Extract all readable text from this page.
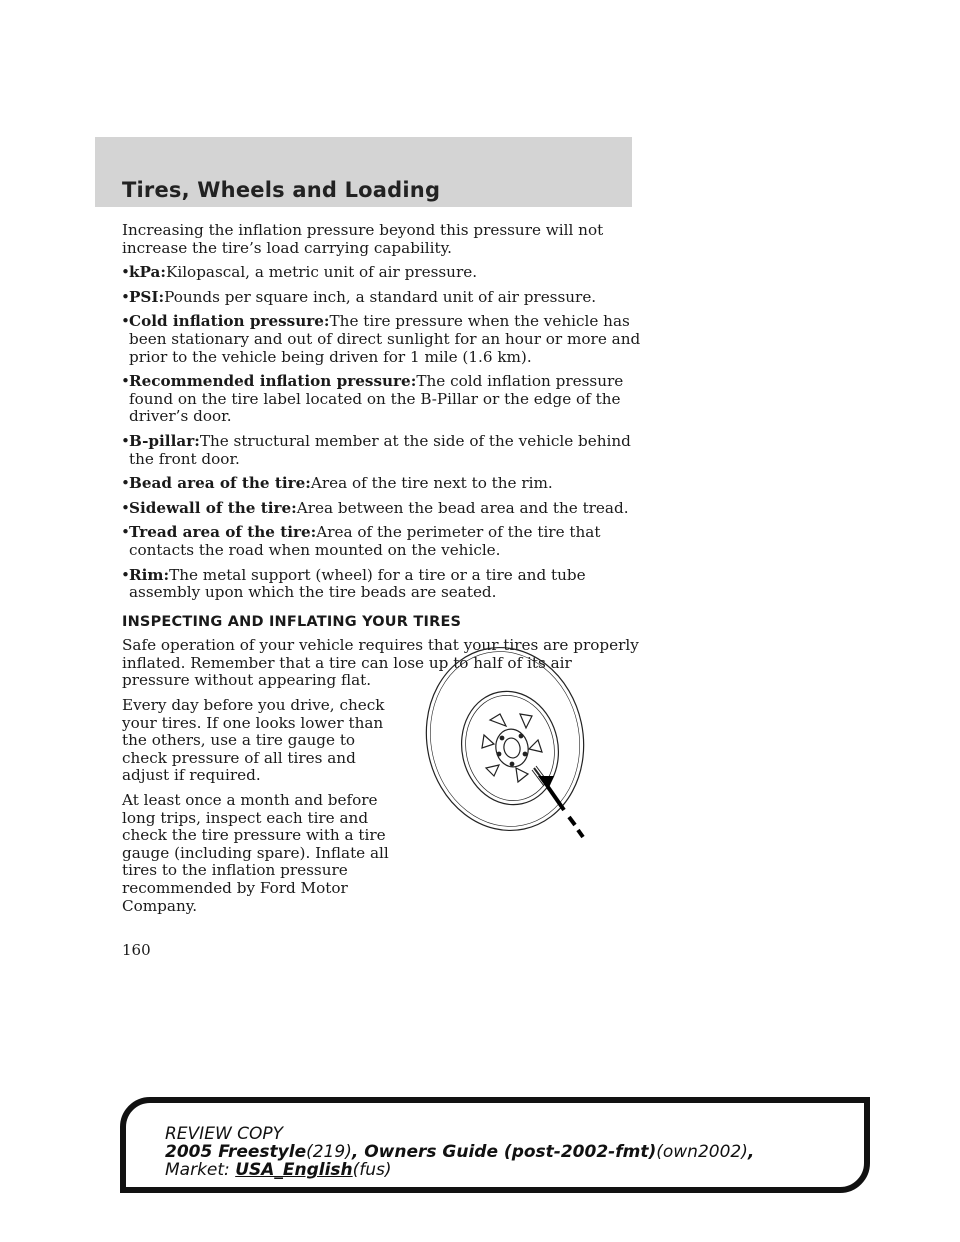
Tires, Wheels and Loading

Increasing the inflation pressure beyond this pressure will not increase the tire’s load carrying capability.

• kPa:Kilopascal, a metric unit of air pressure.
• PSI:Pounds per square inch, a standard unit of air pressure.
• Cold inflation pressure:The tire pressure when the vehicle has been stationary and out of direct sunlight for an hour or more and prior to the vehicle being driven for 1 mile (1.6 km).
• Recommended inflation pressure:The cold inflation pressure found on the tire label located on the B-Pillar or the edge of the driver’s door.
• B-pillar:The structural member at the side of the vehicle behind the front door.
• Bead area of the tire:Area of the tire next to the rim.
• Sidewall of the tire:Area between the bead area and the tread.
• Tread area of the tire:Area of the perimeter of the tire that contacts the road when mounted on the vehicle.
• Rim:The metal support (wheel) for a tire or a tire and tube assembly upon which the tire beads are seated.
INSPECTING AND INFLATING YOUR TIRES

Safe operation of your vehicle requires that your tires are properly inflated. Remember that a tire can lose up to half of its air pressure without appearing flat.

Every day before you drive, check your tires. If one looks lower than the others, use a tire gauge to check pressure of all tires and adjust if required.

At least once a month and before long trips, inspect each tire and check the tire pressure with a tire gauge (including spare). Inflate all tires to the inflation pressure recommended by Ford Motor Company.

160
REVIEW COPY
2005 Freestyle(219), Owners Guide (post-2002-fmt)(own2002),
Market: USA_English(fus)
